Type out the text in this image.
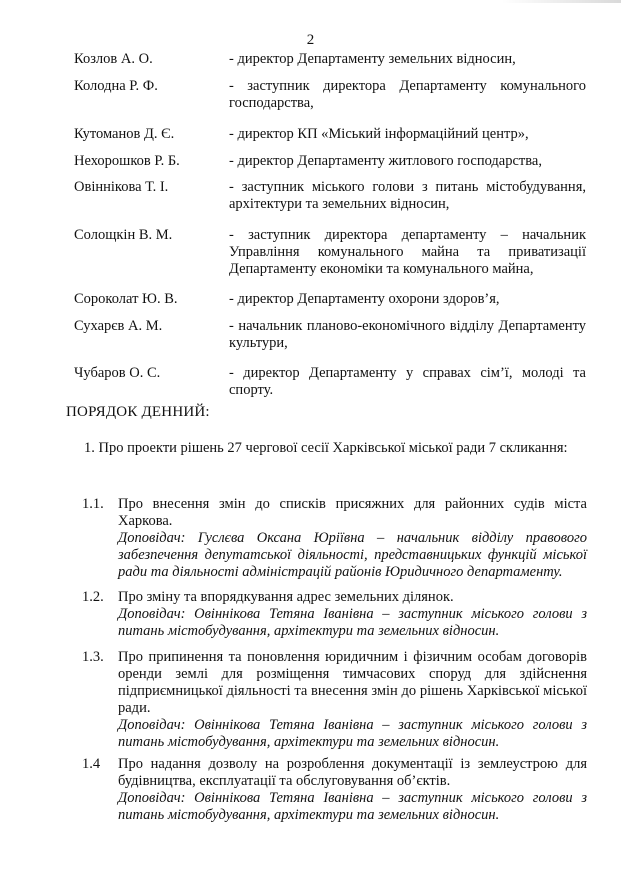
2
Козлов А. О.	- директор Департаменту земельних відносин,
Колодна Р. Ф.	- заступник директора Департаменту комунального господарства,
Кутоманов Д. Є.	- директор КП «Міський інформаційний центр»,
Нехорошков Р. Б.	- директор Департаменту житлового господарства,
Овіннікова Т. І.	- заступник міського голови з питань містобудування, архітектури та земельних відносин,
Солощкін В. М.	- заступник директора департаменту – начальник Управління комунального майна та приватизації Департаменту економіки та комунального майна,
Сороколат Ю. В.	- директор Департаменту охорони здоров’я,
Сухарєв А. М.	- начальник планово-економічного відділу Департаменту культури,
Чубаров О. С.	- директор Департаменту у справах сім’ї, молоді та спорту.
ПОРЯДОК ДЕННИЙ:
1. Про проекти рішень 27 чергової сесії Харківської міської ради 7 скликання:
1.1. Про внесення змін до списків присяжних для районних судів міста Харкова.
Доповідач: Гуслєва Оксана Юріївна – начальник відділу правового забезпечення депутатської діяльності, представницьких функцій міської ради та діяльності адміністрацій районів Юридичного департаменту.
1.2. Про зміну та впорядкування адрес земельних ділянок.
Доповідач: Овіннікова Тетяна Іванівна – заступник міського голови з питань містобудування, архітектури та земельних відносин.
1.3. Про припинення та поновлення юридичним і фізичним особам договорів оренди землі для розміщення тимчасових споруд для здійснення підприємницької діяльності та внесення змін до рішень Харківської міської ради.
Доповідач: Овіннікова Тетяна Іванівна – заступник міського голови з питань містобудування, архітектури та земельних відносин.
1.4	Про надання дозволу на розроблення документації із землеустрою для будівництва, експлуатації та обслуговування об’єктів.
Доповідач: Овіннікова Тетяна Іванівна – заступник міського голови з питань містобудування, архітектури та земельних відносин.
